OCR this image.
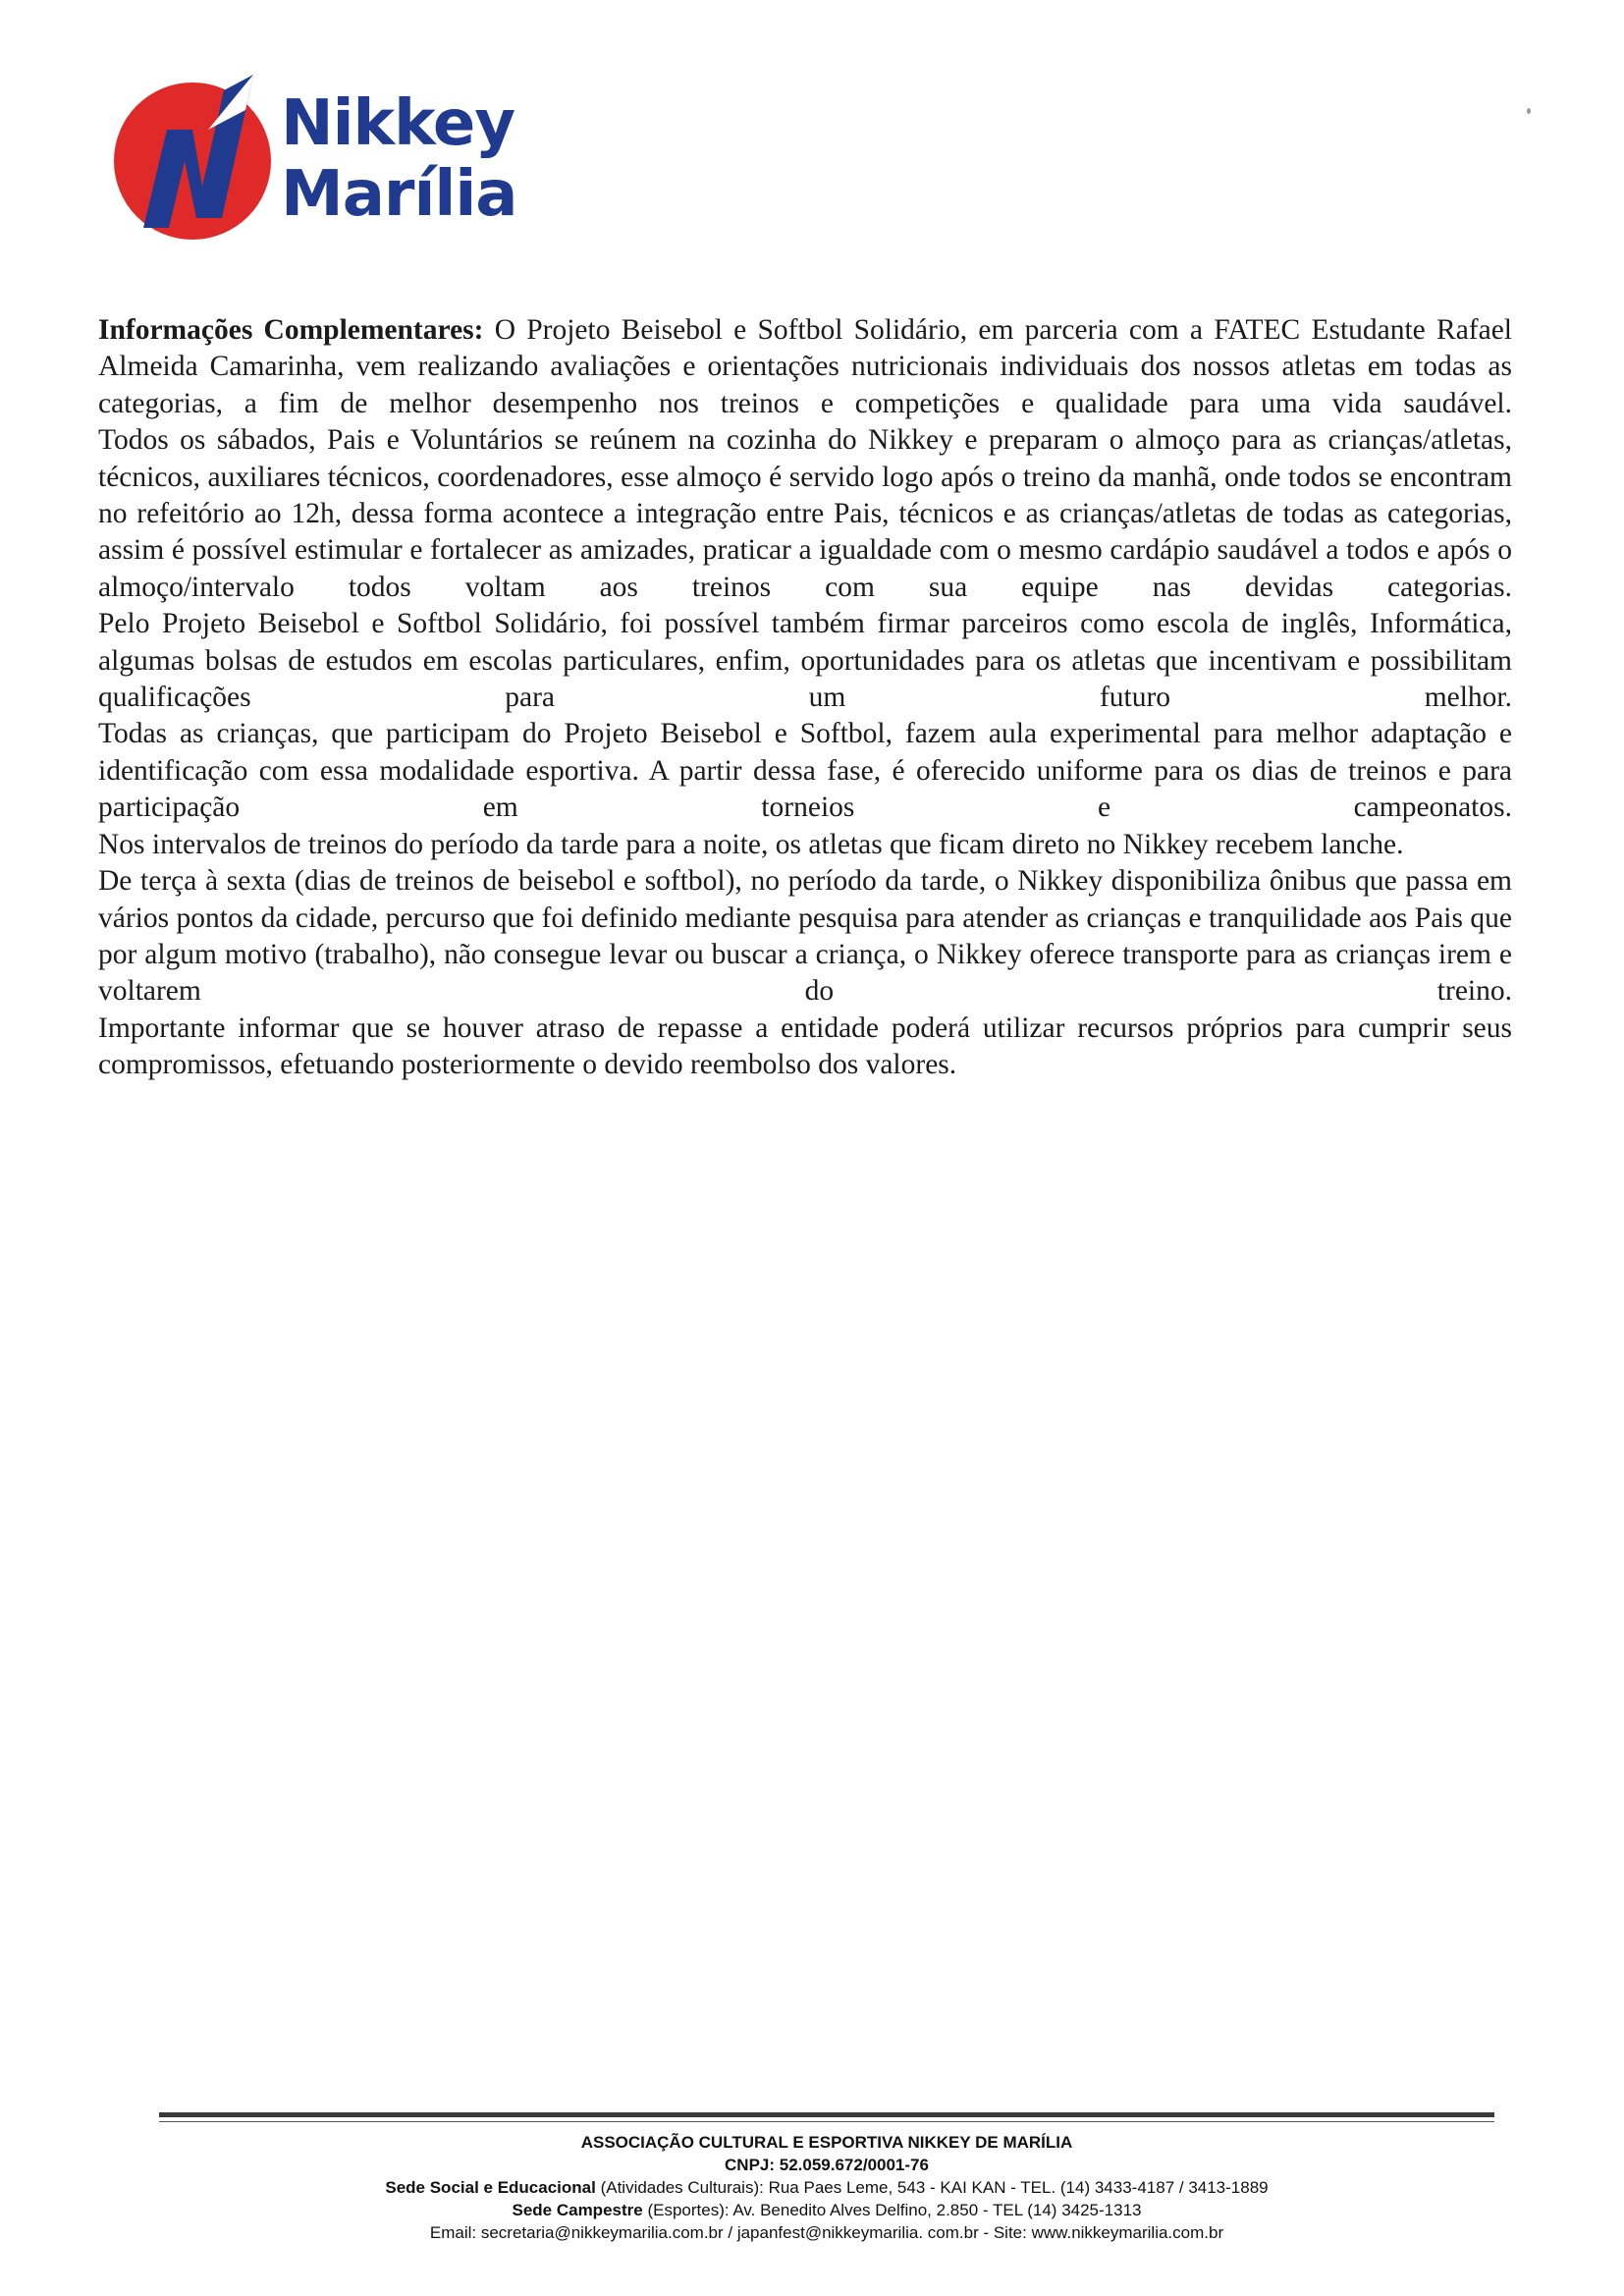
Nikkey
Marília

Informações Complementares: O Projeto Beisebol e Softbol Solidário, em parceria com a FATEC Estudante Rafael Almeida Camarinha, vem realizando avaliações e orientações nutricionais individuais dos nossos atletas em todas as categorias, a fim de melhor desempenho nos treinos e competições e qualidade para uma vida saudável.

Todos os sábados, Pais e Voluntários se reúnem na cozinha do Nikkey e preparam o almoço para as crianças/atletas, técnicos, auxiliares técnicos, coordenadores, esse almoço é servido logo após o treino da manhã, onde todos se encontram no refeitório ao 12h, dessa forma acontece a integração entre Pais, técnicos e as crianças/atletas de todas as categorias, assim é possível estimular e fortalecer as amizades, praticar a igualdade com o mesmo cardápio saudável a todos e após o almoço/intervalo todos voltam aos treinos com sua equipe nas devidas categorias.

Pelo Projeto Beisebol e Softbol Solidário, foi possível também firmar parceiros como escola de inglês, Informática, algumas bolsas de estudos em escolas particulares, enfim, oportunidades para os atletas que incentivam e possibilitam qualificações para um futuro melhor.

Todas as crianças, que participam do Projeto Beisebol e Softbol, fazem aula experimental para melhor adaptação e identificação com essa modalidade esportiva. A partir dessa fase, é oferecido uniforme para os dias de treinos e para participação em torneios e campeonatos.

Nos intervalos de treinos do período da tarde para a noite, os atletas que ficam direto no Nikkey recebem lanche.

De terça à sexta (dias de treinos de beisebol e softbol), no período da tarde, o Nikkey disponibiliza ônibus que passa em vários pontos da cidade, percurso que foi definido mediante pesquisa para atender as crianças e tranquilidade aos Pais que por algum motivo (trabalho), não consegue levar ou buscar a criança, o Nikkey oferece transporte para as crianças irem e voltarem do treino.

Importante informar que se houver atraso de repasse a entidade poderá utilizar recursos próprios para cumprir seus compromissos, efetuando posteriormente o devido reembolso dos valores.

ASSOCIAÇÃO CULTURAL E ESPORTIVA NIKKEY DE MARÍLIA
CNPJ: 52.059.672/0001-76
Sede Social e Educacional (Atividades Culturais): Rua Paes Leme, 543 - KAI KAN - TEL. (14) 3433-4187 / 3413-1889
Sede Campestre (Esportes): Av. Benedito Alves Delfino, 2.850 - TEL (14) 3425-1313
Email: secretaria@nikkeymarilia.com.br / japanfest@nikkeymarilia. com.br - Site: www.nikkeymarilia.com.br
